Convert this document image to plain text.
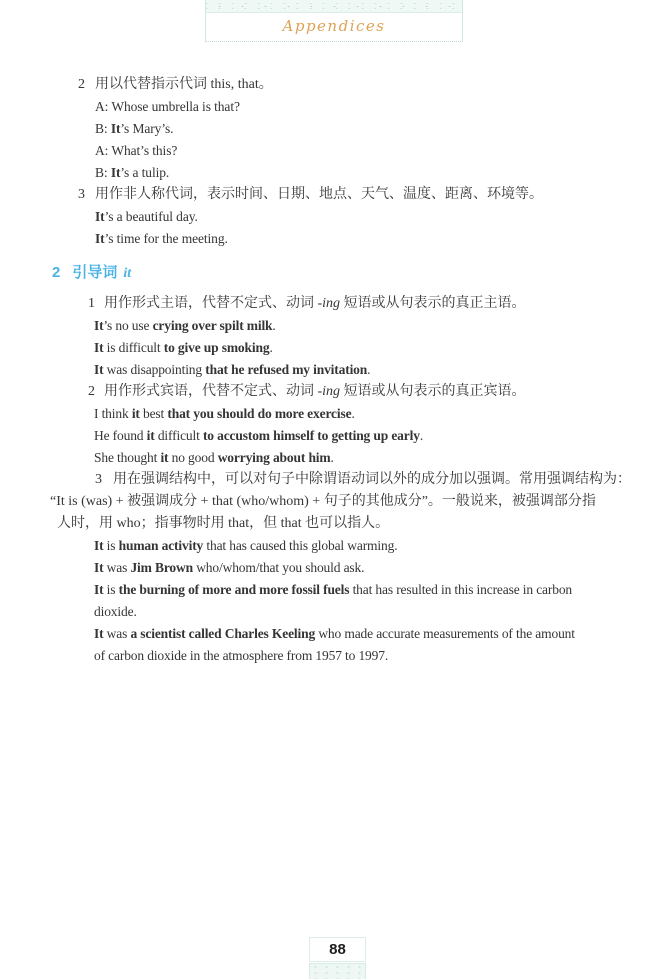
Appendices
2 用以代替指示代词 this, that。
A: Whose umbrella is that?
B: It’s Mary’s.
A: What’s this?
B: It’s a tulip.
3 用作非人称代词，表示时间、日期、地点、天气、温度、距离、环境等。
It’s a beautiful day.
It’s time for the meeting.
2 引导词 it
1 用作形式主语，代替不定式、动词 -ing 短语或从句表示的真正主语。
It’s no use crying over spilt milk.
It is difficult to give up smoking.
It was disappointing that he refused my invitation.
2 用作形式宾语，代替不定式、动词 -ing 短语或从句表示的真正宾语。
I think it best that you should do more exercise.
He found it difficult to accustom himself to getting up early.
She thought it no good worrying about him.
3 用在强调结构中，可以对句子中除谓语动词以外的成分加以强调。常用强调结构为：
“It is (was) + 被强调成分 + that (who/whom) + 句子的其他成分”。一般说来，被强调部分指
人时，用 who；指事物时用 that，但 that 也可以指人。
It is human activity that has caused this global warming.
It was Jim Brown who/whom/that you should ask.
It is the burning of more and more fossil fuels that has resulted in this increase in carbon
dioxide.
It was a scientist called Charles Keeling who made accurate measurements of the amount
of carbon dioxide in the atmosphere from 1957 to 1997.
88
